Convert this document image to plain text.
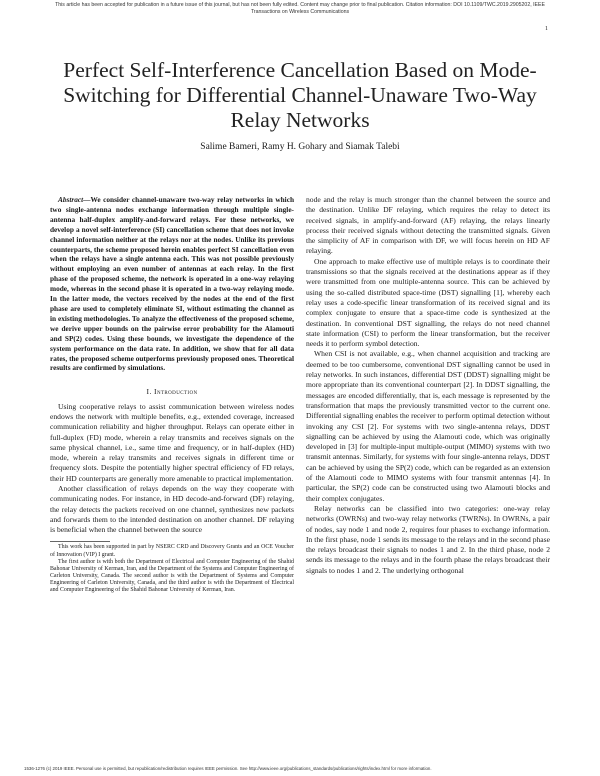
This article has been accepted for publication in a future issue of this journal, but has not been fully edited. Content may change prior to final publication. Citation information: DOI 10.1109/TWC.2019.2905202, IEEE
Transactions on Wireless Communications
1
Perfect Self-Interference Cancellation Based on Mode-Switching for Differential Channel-Unaware Two-Way Relay Networks
Salime Bameri, Ramy H. Gohary and Siamak Talebi

Abstract—We consider channel-unaware two-way relay networks in which two single-antenna nodes exchange information through multiple single-antenna half-duplex amplify-and-forward relays. For these networks, we develop a novel self-interference (SI) cancellation scheme that does not invoke channel information neither at the relays nor at the nodes. Unlike its previous counterparts, the scheme proposed herein enables perfect SI cancellation even when the relays have a single antenna each. This was not possible previously without employing an even number of antennas at each relay. In the first phase of the proposed scheme, the network is operated in a one-way relaying mode, whereas in the second phase it is operated in a two-way relaying mode. In the latter mode, the vectors received by the nodes at the end of the first phase are used to completely eliminate SI, without estimating the channel as in existing methodologies. To analyze the effectiveness of the proposed scheme, we derive upper bounds on the pairwise error probability for the Alamouti and SP(2) codes. Using these bounds, we investigate the dependence of the system performance on the data rate. In addition, we show that for all data rates, the proposed scheme outperforms previously proposed ones. Theoretical results are confirmed by simulations.

I. Introduction

Using cooperative relays to assist communication between wireless nodes endows the network with multiple benefits, e.g., extended coverage, increased communication reliability and higher throughput. Relays can operate either in full-duplex (FD) mode, wherein a relay transmits and receives signals on the same physical channel, i.e., same time and frequency, or in half-duplex (HD) mode, wherein a relay transmits and receives signals in different time or frequency slots. Despite the potentially higher spectral efficiency of FD relays, their HD counterparts are generally more amenable to practical implementation.

Another classification of relays depends on the way they cooperate with communicating nodes. For instance, in HD decode-and-forward (DF) relaying, the relay detects the packets received on one channel, synthesizes new packets and forwards them to the intended destination on another channel. DF relaying is beneficial when the channel between the source

This work has been supported in part by NSERC CRD and Discovery Grants and an OCE Voucher of Innovation (VIP) I grant.

The first author is with both the Department of Electrical and Computer Engineering of the Shahid Bahonar University of Kerman, Iran, and the Department of the Systems and Computer Engineering of Carleton University, Canada. The second author is with the Department of Systems and Computer Engineering of Carleton University, Canada, and the third author is with the Department of Electrical and Computer Engineering of the Shahid Bahonar University of Kerman, Iran.

node and the relay is much stronger than the channel between the source and the destination. Unlike DF relaying, which requires the relay to detect its received signals, in amplify-and-forward (AF) relaying, the relays linearly process their received signals without detecting the transmitted signals. Given the simplicity of AF in comparison with DF, we will focus herein on HD AF relaying.

One approach to make effective use of multiple relays is to coordinate their transmissions so that the signals received at the destinations appear as if they were transmitted from one multiple-antenna source. This can be achieved by using the so-called distributed space-time (DST) signalling [1], whereby each relay uses a code-specific linear transformation of its received signal and its complex conjugate to ensure that a space-time code is synthesized at the destination. In conventional DST signalling, the relays do not need channel state information (CSI) to perform the linear transformation, but the receiver needs it to perform symbol detection.

When CSI is not available, e.g., when channel acquisition and tracking are deemed to be too cumbersome, conventional DST signalling cannot be used in relay networks. In such instances, differential DST (DDST) signalling might be more appropriate than its conventional counterpart [2]. In DDST signalling, the messages are encoded differentially, that is, each message is represented by the transformation that maps the previously transmitted vector to the current one. Differential signalling enables the receiver to perform optimal detection without invoking any CSI [2]. For systems with two single-antenna relays, DDST signalling can be achieved by using the Alamouti code, which was originally developed in [3] for multiple-input multiple-output (MIMO) systems with two transmit antennas. Similarly, for systems with four single-antenna relays, DDST can be achieved by using the SP(2) code, which can be regarded as an extension of the Alamouti code to MIMO systems with four transmit antennas [4]. In particular, the SP(2) code can be constructed using two Alamouti blocks and their complex conjugates.

Relay networks can be classified into two categories: one-way relay networks (OWRNs) and two-way relay networks (TWRNs). In OWRNs, a pair of nodes, say node 1 and node 2, requires four phases to exchange information. In the first phase, node 1 sends its message to the relays and in the second phase the relays broadcast their signals to nodes 1 and 2. In the third phase, node 2 sends its message to the relays and in the fourth phase the relays broadcast their signals to nodes 1 and 2. The underlying orthogonal

1536-1276 (c) 2019 IEEE. Personal use is permitted, but republication/redistribution requires IEEE permission. See http://www.ieee.org/publications_standards/publications/rights/index.html for more information.
